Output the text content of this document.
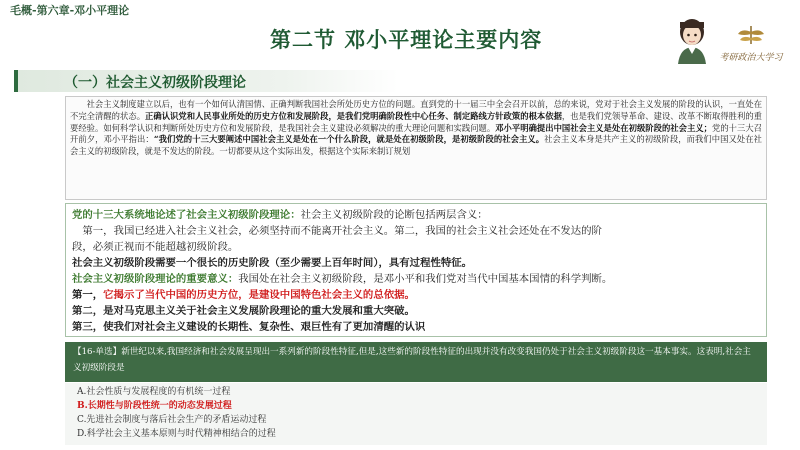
毛概-第六章-邓小平理论
第二节 邓小平理论主要内容
考研政治大学习
（一）社会主义初级阶段理论

社会主义制度建立以后，也有一个如何认清国情、正确判断我国社会所处历史方位的问题。直到党的十一届三中全会召开以前，总的来说，党对于社会主义发展的阶段的认识，一直处在不完全清醒的状态。正确认识党和人民事业所处的历史方位和发展阶段，是我们党明确阶段性中心任务、制定路线方针政策的根本依据，也是我们党领导革命、建设、改革不断取得胜利的重要经验。如何科学认识和判断所处历史方位和发展阶段，是我国社会主义建设必须解决的重大理论问题和实践问题。邓小平明确提出中国社会主义是处在初级阶段的社会主义；党的十三大召开前夕，邓小平指出：“我们党的十三大要阐述中国社会主义是处在一个什么阶段，就是处在初级阶段，是初级阶段的社会主义。社会主义本身是共产主义的初级阶段，而我们中国又处在社会主义的初级阶段，就是不发达的阶段。一切都要从这个实际出发，根据这个实际来制订规划

党的十三大系统地论述了社会主义初级阶段理论：社会主义初级阶段的论断包括两层含义：
第一，我国已经进入社会主义社会，必须坚持而不能离开社会主义。第二，我国的社会主义社会还处在不发达的阶
段，必须正视而不能超越初级阶段。
社会主义初级阶段需要一个很长的历史阶段（至少需要上百年时间），具有过程性特征。
社会主义初级阶段理论的重要意义：我国处在社会主义初级阶段，是邓小平和我们党对当代中国基本国情的科学判断。
第一，它揭示了当代中国的历史方位，是建设中国特色社会主义的总依据。
第二，是对马克思主义关于社会主义发展阶段理论的重大发展和重大突破。
第三，使我们对社会主义建设的长期性、复杂性、艰巨性有了更加清醒的认识
【16-单选】新世纪以来,我国经济和社会发展呈现出一系列新的阶段性特征,但是,这些新的阶段性特征的出现并没有改变我国仍处于社会主义初级阶段这一基本事实。这表明,社会主义初级阶段是
A.社会性质与发展程度的有机统一过程
B.长期性与阶段性统一的动态发展过程
C.先进社会制度与落后社会生产的矛盾运动过程
D.科学社会主义基本原则与时代精神相结合的过程
